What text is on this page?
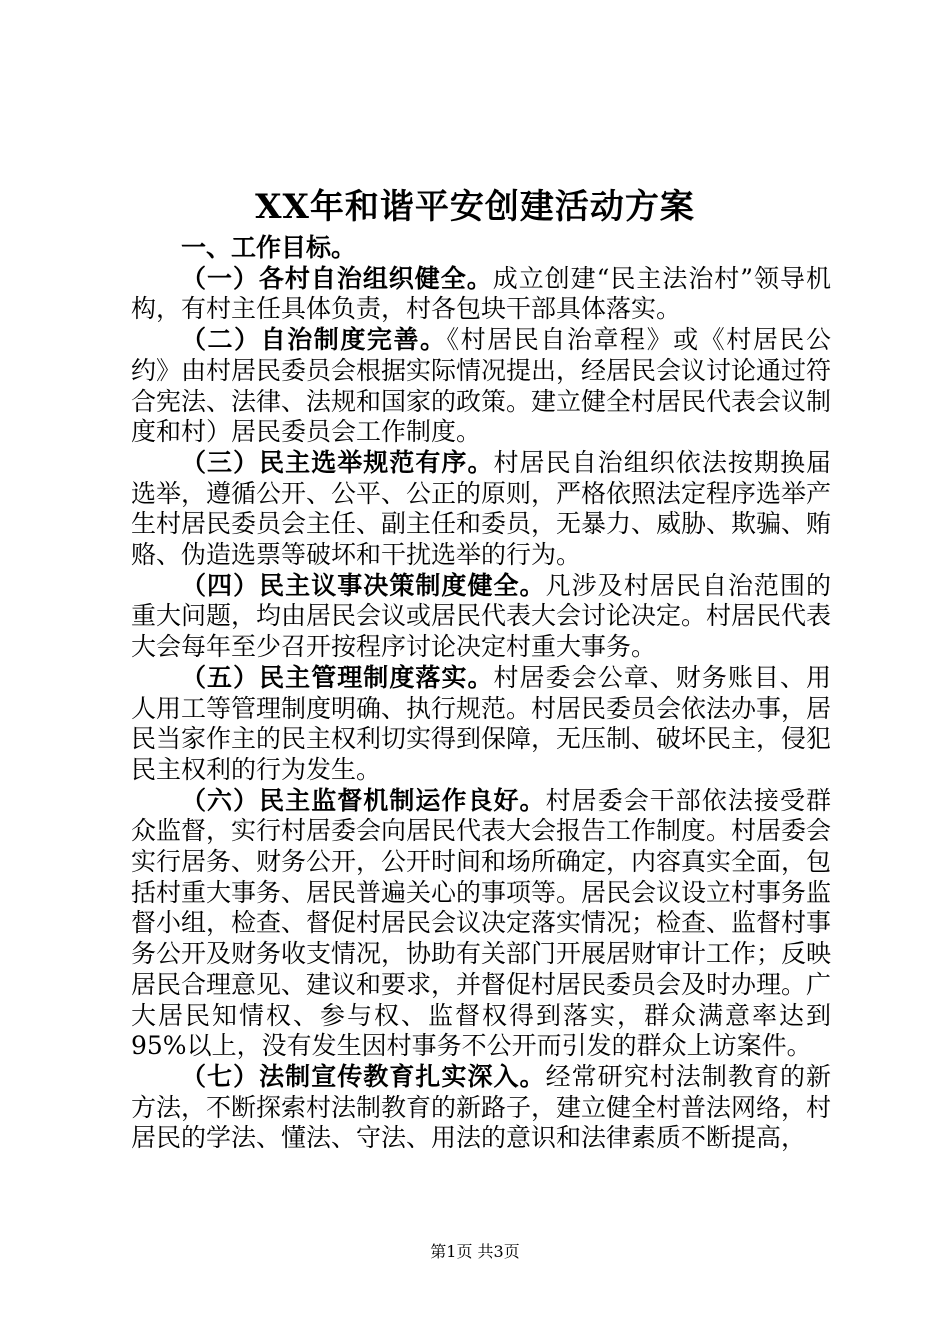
XX年和谐平安创建活动方案

一、工作目标。

（一）各村自治组织健全。成立创建“民主法治村”领导机构，有村主任具体负责，村各包块干部具体落实。

（二）自治制度完善。《村居民自治章程》或《村居民公约》由村居民委员会根据实际情况提出，经居民会议讨论通过符合宪法、法律、法规和国家的政策。建立健全村居民代表会议制度和村）居民委员会工作制度。

（三）民主选举规范有序。村居民自治组织依法按期换届选举，遵循公开、公平、公正的原则，严格依照法定程序选举产生村居民委员会主任、副主任和委员，无暴力、威胁、欺骗、贿赂、伪造选票等破坏和干扰选举的行为。

（四）民主议事决策制度健全。凡涉及村居民自治范围的重大问题，均由居民会议或居民代表大会讨论决定。村居民代表大会每年至少召开按程序讨论决定村重大事务。

（五）民主管理制度落实。村居委会公章、财务账目、用人用工等管理制度明确、执行规范。村居民委员会依法办事，居民当家作主的民主权利切实得到保障，无压制、破坏民主，侵犯民主权利的行为发生。

（六）民主监督机制运作良好。村居委会干部依法接受群众监督，实行村居委会向居民代表大会报告工作制度。村居委会实行居务、财务公开，公开时间和场所确定，内容真实全面，包括村重大事务、居民普遍关心的事项等。居民会议设立村事务监督小组，检查、督促村居民会议决定落实情况；检查、监督村事务公开及财务收支情况，协助有关部门开展居财审计工作；反映居民合理意见、建议和要求，并督促村居民委员会及时办理。广大居民知情权、参与权、监督权得到落实，群众满意率达到95%以上，没有发生因村事务不公开而引发的群众上访案件。

（七）法制宣传教育扎实深入。经常研究村法制教育的新方法，不断探索村法制教育的新路子，建立健全村普法网络，村居民的学法、懂法、守法、用法的意识和法律素质不断提高，

第1页 共3页
